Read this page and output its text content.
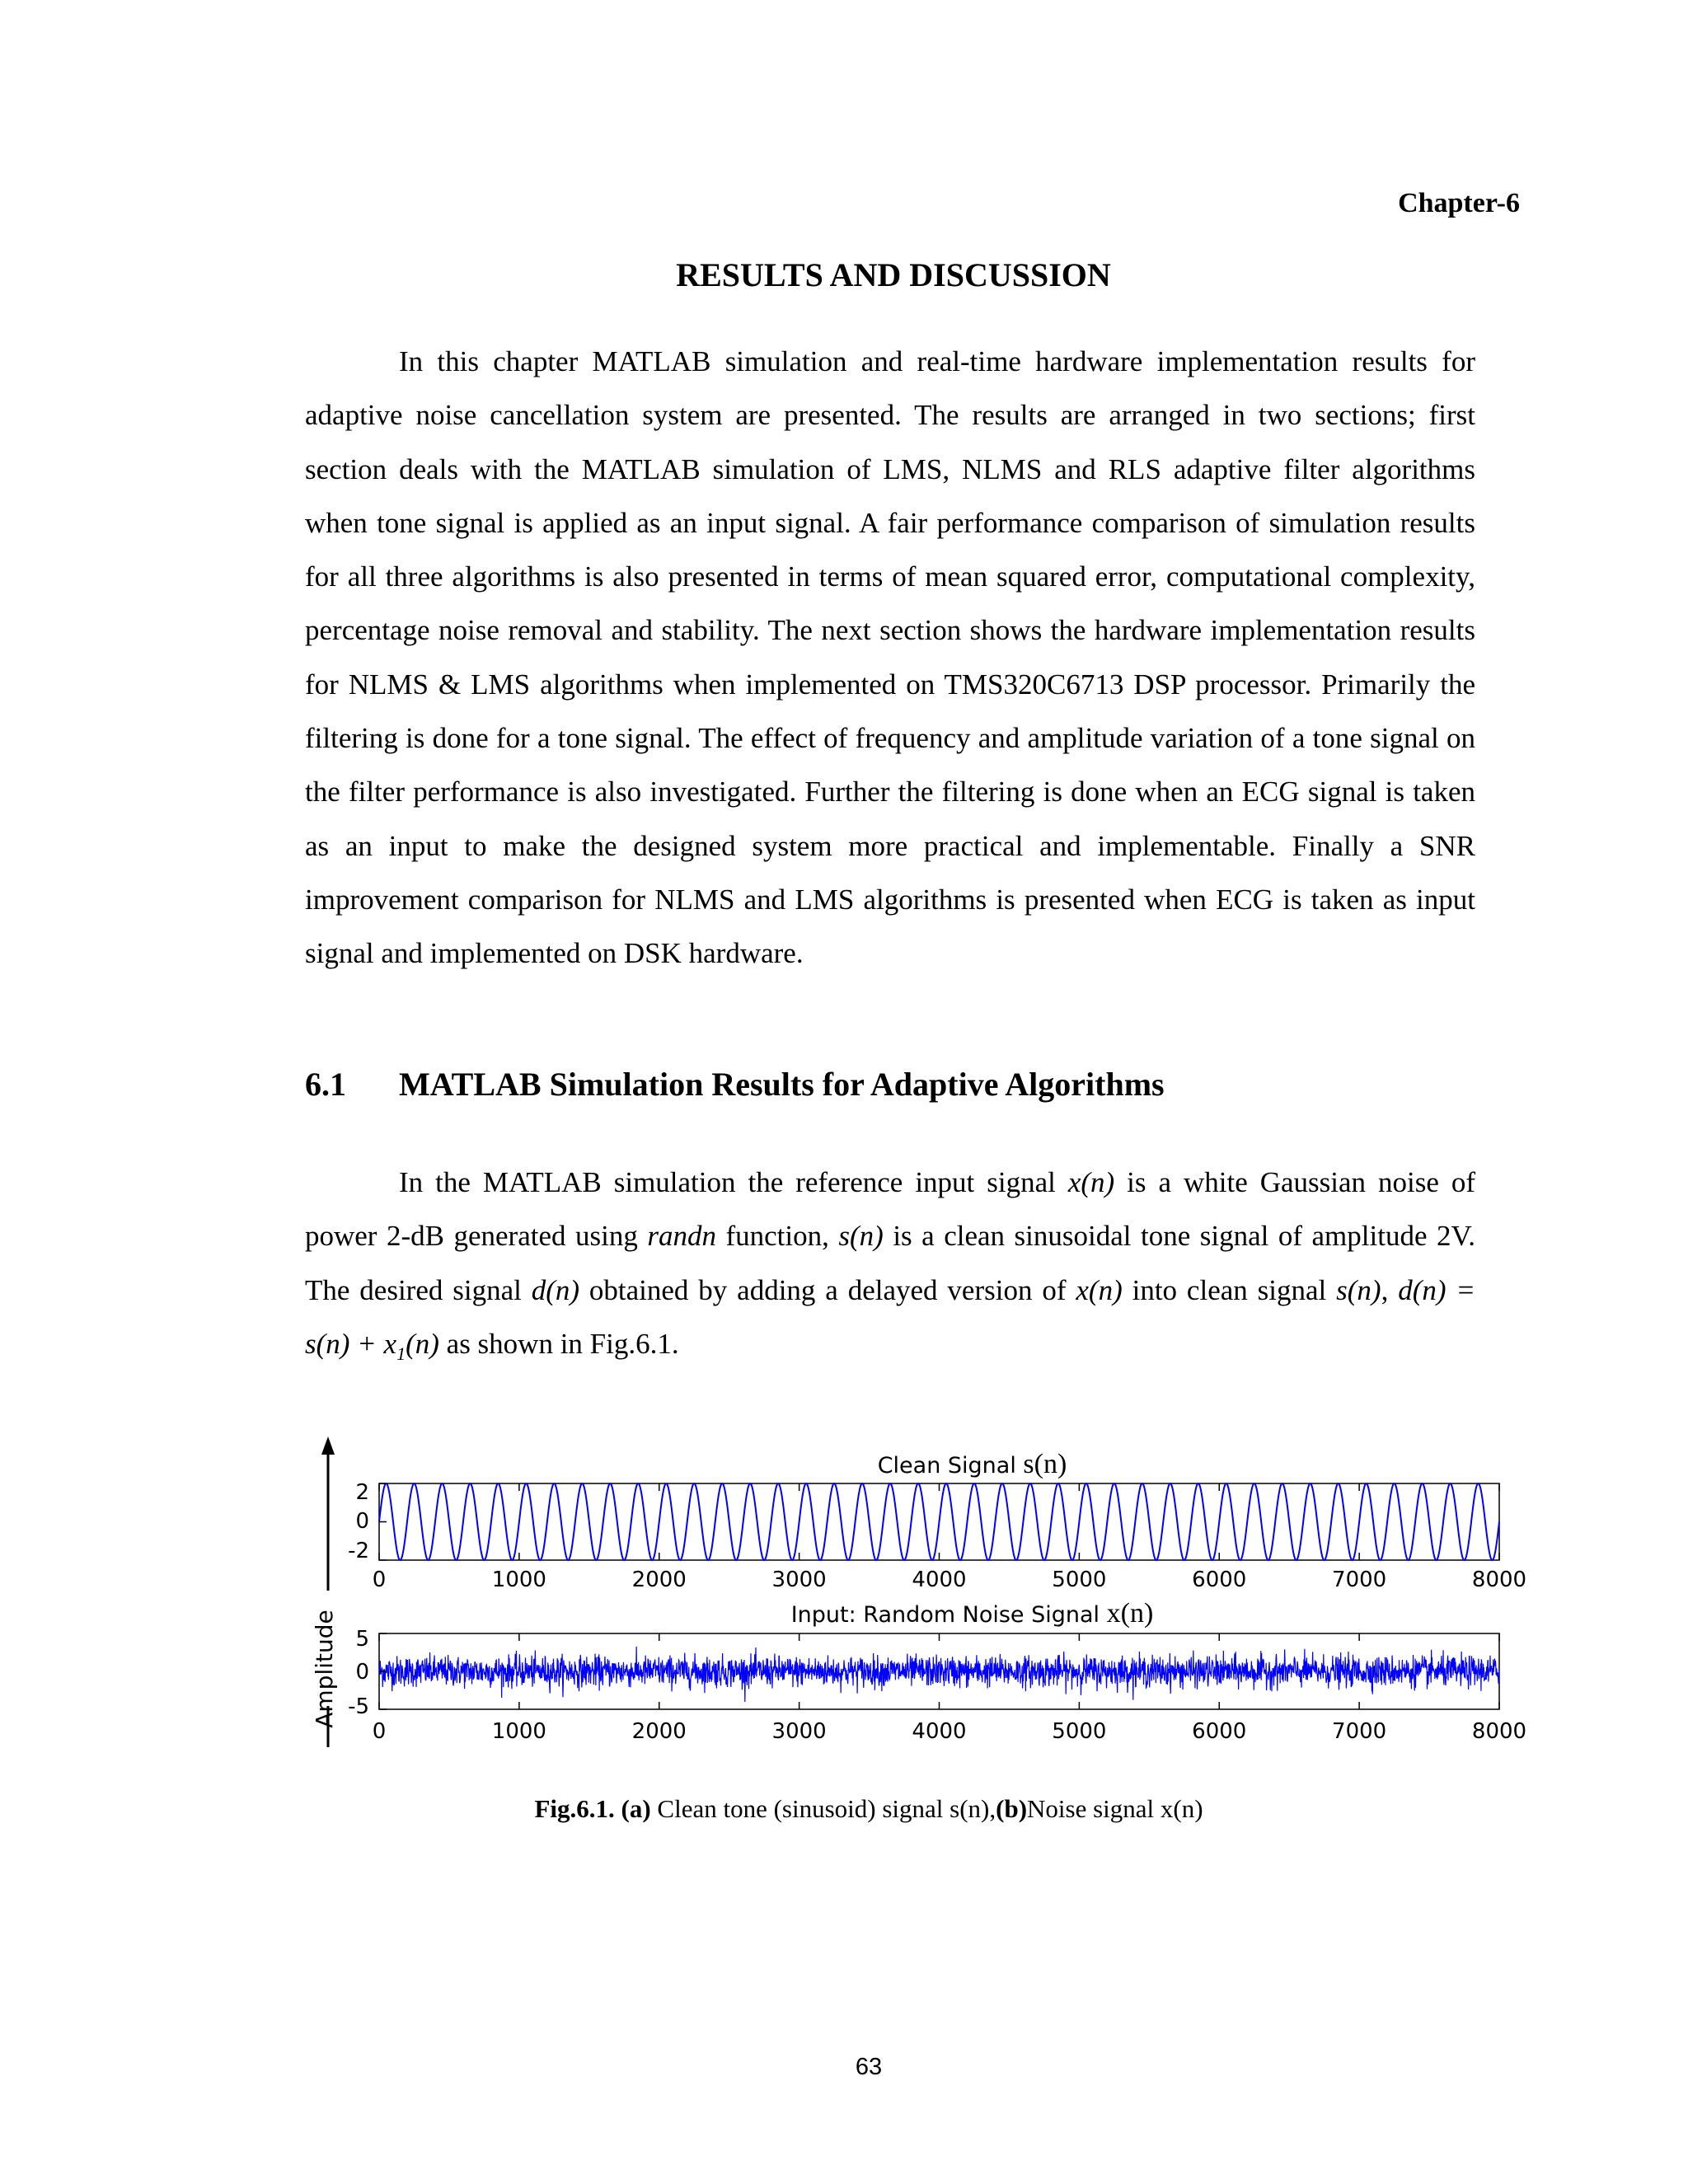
Chapter-6
RESULTS AND DISCUSSION

In this chapter MATLAB simulation and real-time hardware implementation results for adaptive noise cancellation system are presented. The results are arranged in two sections; first section deals with the MATLAB simulation of LMS, NLMS and RLS adaptive filter algorithms when tone signal is applied as an input signal. A fair performance comparison of simulation results for all three algorithms is also presented in terms of mean squared error, computational complexity, percentage noise removal and stability. The next section shows the hardware implementation results for NLMS & LMS algorithms when implemented on TMS320C6713 DSP processor. Primarily the filtering is done for a tone signal. The effect of frequency and amplitude variation of a tone signal on the filter performance is also investigated. Further the filtering is done when an ECG signal is taken as an input to make the designed system more practical and implementable. Finally a SNR improvement comparison for NLMS and LMS algorithms is presented when ECG is taken as input signal and implemented on DSK hardware.

6.1 MATLAB Simulation Results for Adaptive Algorithms

In the MATLAB simulation the reference input signal x(n) is a white Gaussian noise of power 2-dB generated using randn function, s(n) is a clean sinusoidal tone signal of amplitude 2V. The desired signal d(n) obtained by adding a delayed version of x(n) into clean signal s(n), $d(n) = s(n) + x_1(n)$ as shown in Fig.6.1.

Amplitude
0	1000	2000	3000	4000	5000	6000	7000	8000
2
0
-2
Clean Signal s(n)
0	1000	2000	3000	4000	5000	6000	7000	8000
5
0
-5
Input: Random Noise Signal x(n)
Fig.6.1. (a) Clean tone (sinusoid) signal s(n),(b)Noise signal x(n)
63
